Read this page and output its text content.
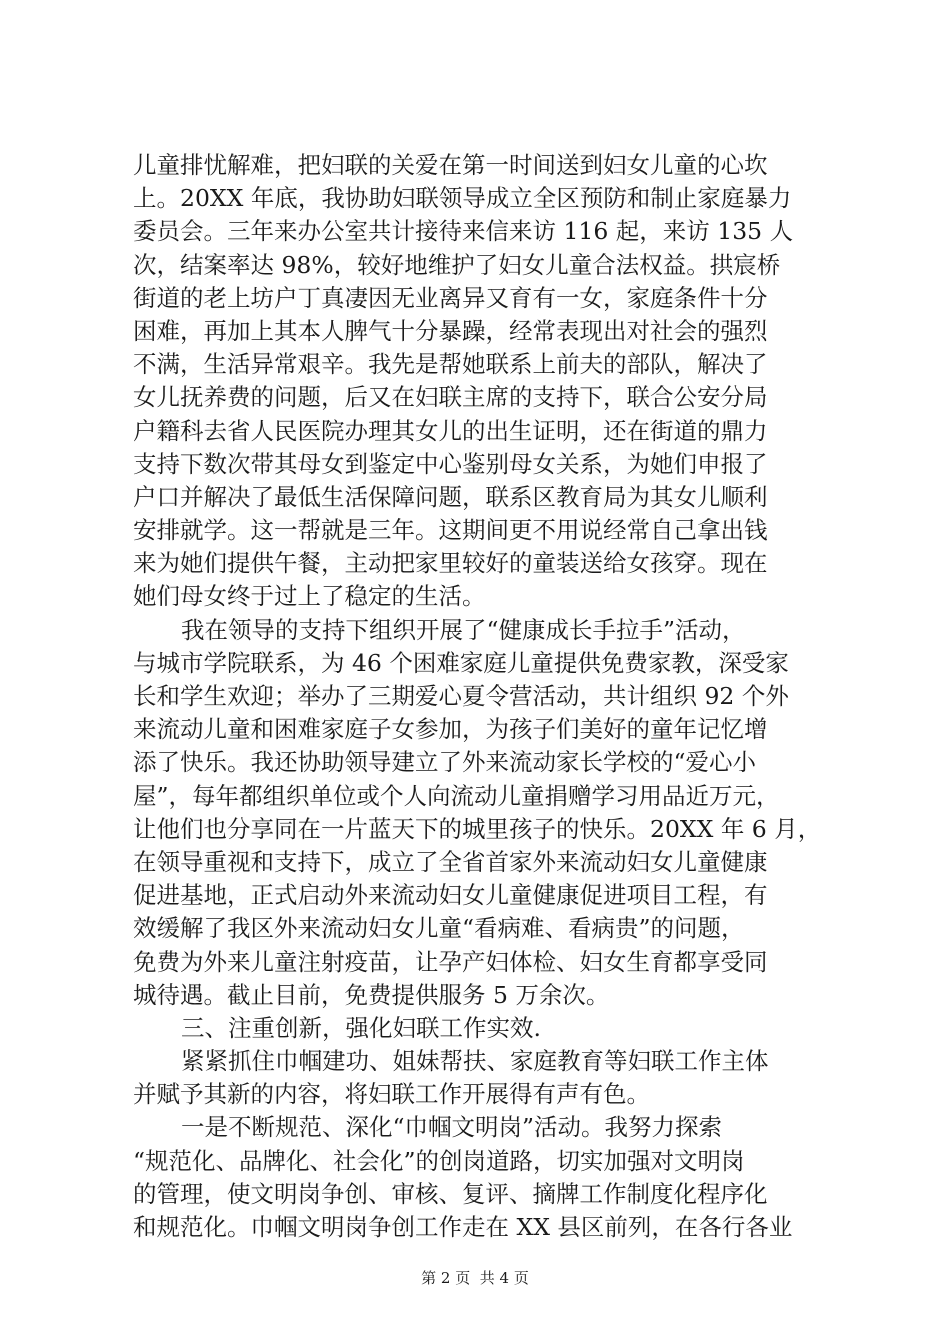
儿童排忧解难，把妇联的关爱在第一时间送到妇女儿童的心坎
上。20XX 年底，我协助妇联领导成立全区预防和制止家庭暴力
委员会。三年来办公室共计接待来信来访 116 起，来访 135 人
次，结案率达 98%，较好地维护了妇女儿童合法权益。拱宸桥
街道的老上坊户丁真凄因无业离异又育有一女，家庭条件十分
困难，再加上其本人脾气十分暴躁，经常表现出对社会的强烈
不满，生活异常艰辛。我先是帮她联系上前夫的部队，解决了
女儿抚养费的问题，后又在妇联主席的支持下，联合公安分局
户籍科去省人民医院办理其女儿的出生证明，还在街道的鼎力
支持下数次带其母女到鉴定中心鉴别母女关系，为她们申报了
户口并解决了最低生活保障问题，联系区教育局为其女儿顺利
安排就学。这一帮就是三年。这期间更不用说经常自己拿出钱
来为她们提供午餐，主动把家里较好的童装送给女孩穿。现在
她们母女终于过上了稳定的生活。
我在领导的支持下组织开展了“健康成长手拉手”活动，
与城市学院联系，为 46 个困难家庭儿童提供免费家教，深受家
长和学生欢迎；举办了三期爱心夏令营活动，共计组织 92 个外
来流动儿童和困难家庭子女参加，为孩子们美好的童年记忆增
添了快乐。我还协助领导建立了外来流动家长学校的“爱心小
屋”，每年都组织单位或个人向流动儿童捐赠学习用品近万元，
让他们也分享同在一片蓝天下的城里孩子的快乐。20XX 年 6 月，
在领导重视和支持下，成立了全省首家外来流动妇女儿童健康
促进基地，正式启动外来流动妇女儿童健康促进项目工程，有
效缓解了我区外来流动妇女儿童“看病难、看病贵”的问题，
免费为外来儿童注射疫苗，让孕产妇体检、妇女生育都享受同
城待遇。截止目前，免费提供服务 5 万余次。
三、注重创新，强化妇联工作实效.
紧紧抓住巾帼建功、姐妹帮扶、家庭教育等妇联工作主体
并赋予其新的内容，将妇联工作开展得有声有色。
一是不断规范、深化“巾帼文明岗”活动。我努力探索
“规范化、品牌化、社会化”的创岗道路，切实加强对文明岗
的管理，使文明岗争创、审核、复评、摘牌工作制度化程序化
和规范化。巾帼文明岗争创工作走在 XX 县区前列，在各行各业
第 2 页  共 4 页
